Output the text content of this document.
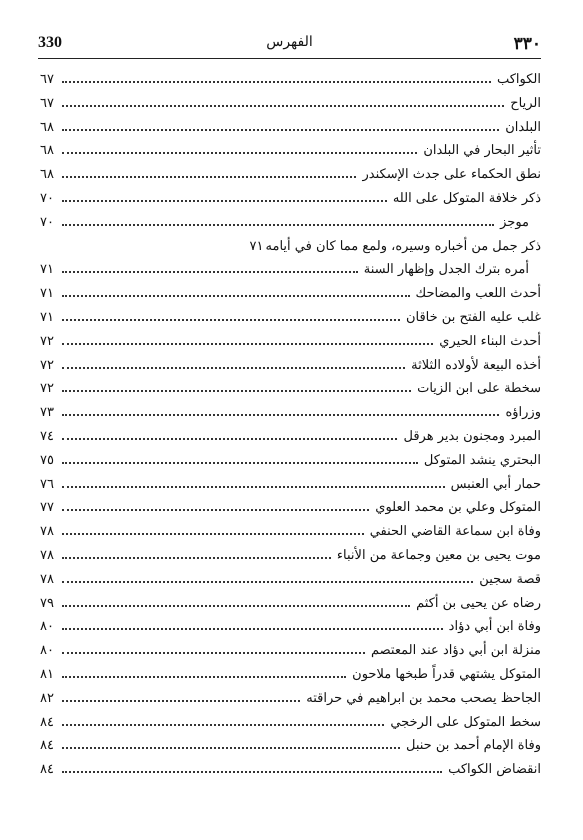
330	الفهرس	٣٣٠
الكواكب
٦٧
الرياح
٦٧
البلدان
٦٨
تأثير البحار في البلدان
٦٨
نطق الحكماء على جدث الإسكندر
٦٨
ذكر خلافة المتوكل على الله
٧٠
موجز
٧٠
ذكر جمل من أخباره وسيره، ولمع مما كان في أيامه
٧١
أمره بترك الجدل وإظهار السنة
٧١
أحدث اللعب والمضاحك
٧١
غلب عليه الفتح بن خاقان
٧١
أحدث البناء الحيري
٧٢
أخذه البيعة لأولاده الثلاثة
٧٢
سخطة على ابن الزيات
٧٢
وزراؤه
٧٣
المبرد ومجنون بدير هرقل
٧٤
البحتري ينشد المتوكل
٧٥
حمار أبي العنبس
٧٦
المتوكل وعلي بن محمد العلوي
٧٧
وفاة ابن سماعة القاضي الحنفي
٧٨
موت يحيى بن معين وجماعة من الأنباء
٧٨
قصة سجين
٧٨
رضاه عن يحيى بن أكثم
٧٩
وفاة ابن أبي دؤاد
٨٠
منزلة ابن أبي دؤاد عند المعتصم
٨٠
المتوكل يشتهي قدراً طبخها ملاحون
٨١
الجاحظ يصحب محمد بن ابراهيم في حراقته
٨٢
سخط المتوكل على الرخجي
٨٤
وفاة الإمام أحمد بن حنبل
٨٤
انقضاض الكواكب
٨٤
